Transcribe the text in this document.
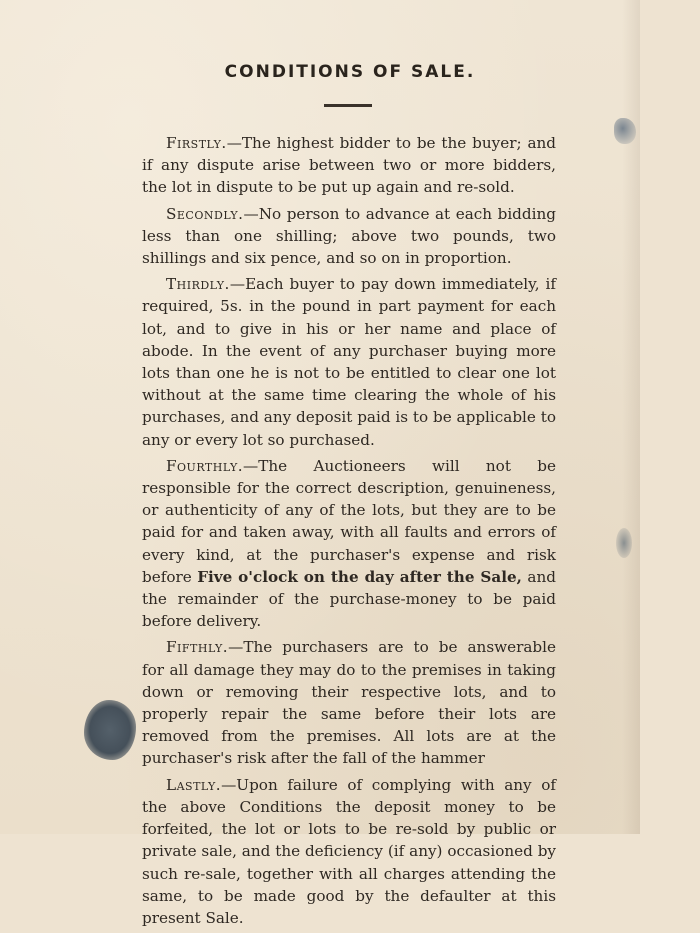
CONDITIONS OF SALE.

Firstly.—The highest bidder to be the buyer; and if any dispute arise between two or more bidders, the lot in dispute to be put up again and re-sold.

Secondly.—No person to advance at each bidding less than one shilling; above two pounds, two shillings and six pence, and so on in proportion.

Thirdly.—Each buyer to pay down immediately, if required, 5s. in the pound in part payment for each lot, and to give in his or her name and place of abode. In the event of any purchaser buying more lots than one he is not to be entitled to clear one lot without at the same time clearing the whole of his purchases, and any deposit paid is to be applicable to any or every lot so purchased.

Fourthly.—The Auctioneers will not be responsible for the correct description, genuineness, or authenticity of any of the lots, but they are to be paid for and taken away, with all faults and errors of every kind, at the purchaser's expense and risk before Five o'clock on the day after the Sale, and the remainder of the purchase-money to be paid before delivery.

Fifthly.—The purchasers are to be answerable for all damage they may do to the premises in taking down or removing their respective lots, and to properly repair the same before their lots are removed from the premises. All lots are at the purchaser's risk after the fall of the hammer

Lastly.—Upon failure of complying with any of the above Conditions the deposit money to be forfeited, the lot or lots to be re-sold by public or private sale, and the deficiency (if any) occasioned by such re-sale, together with all charges attending the same, to be made good by the defaulter at this present Sale.
